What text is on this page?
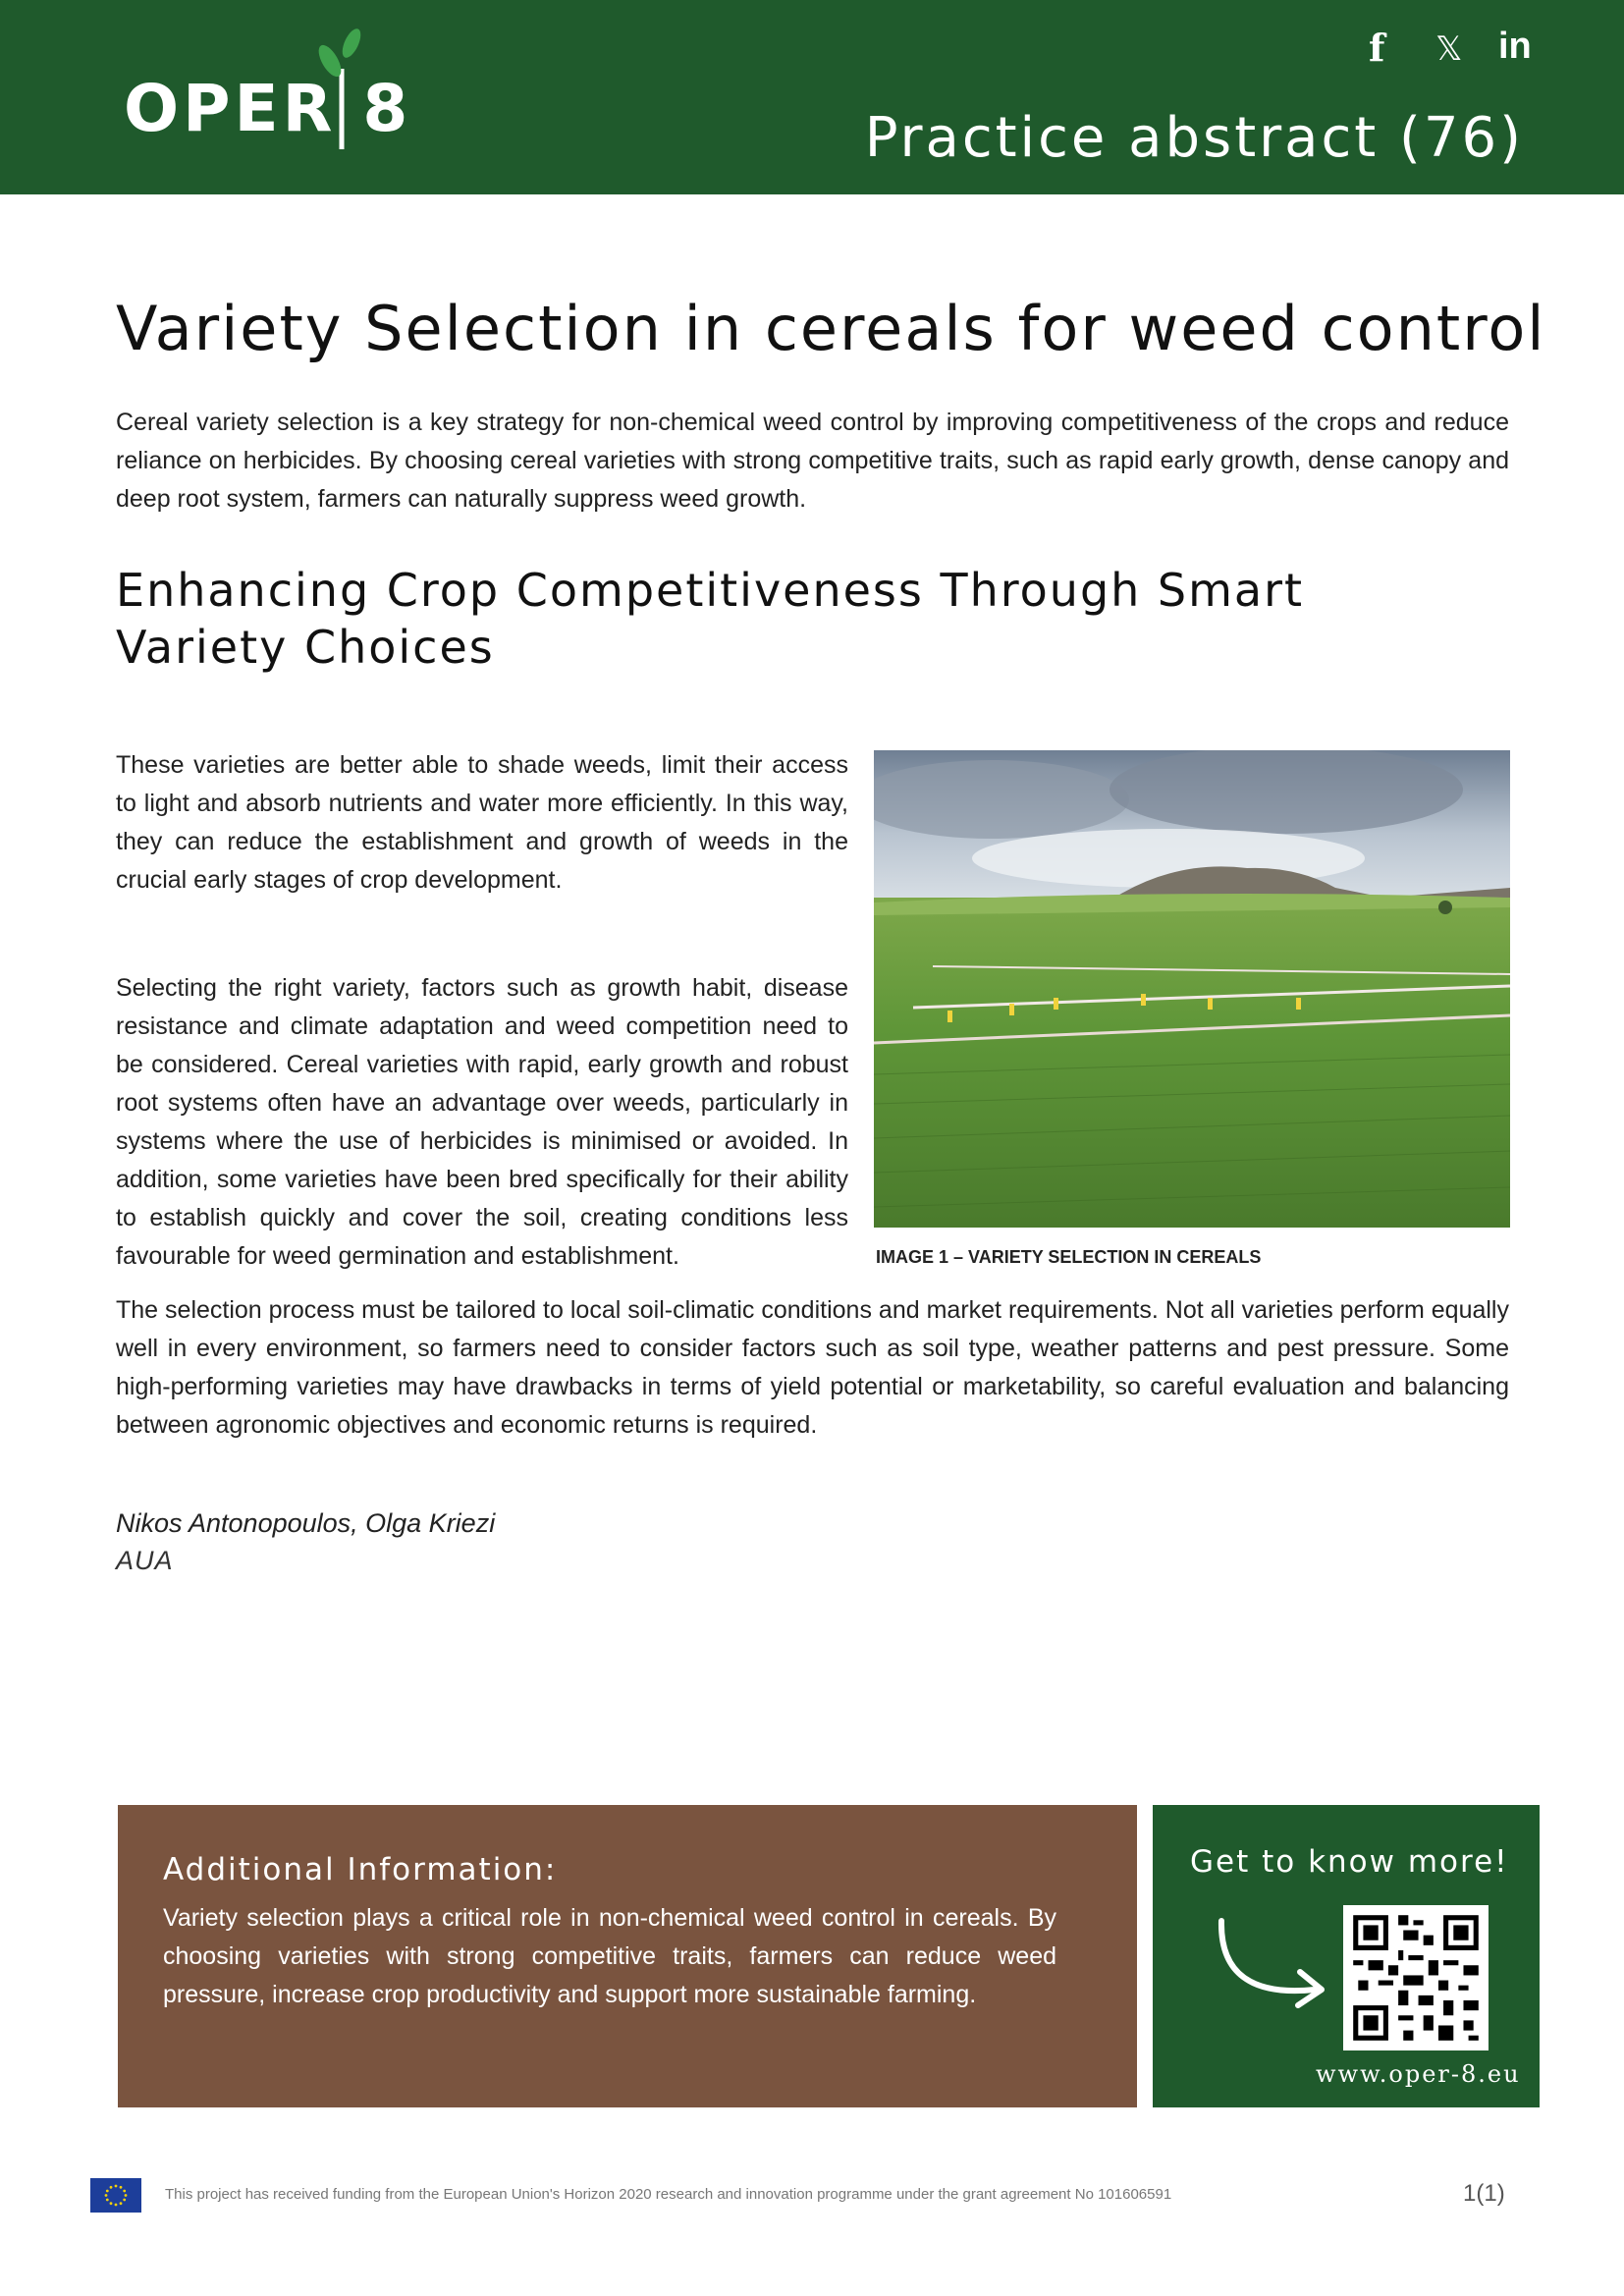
OPER 8
f 𝕏 in
Practice abstract (76)
Variety Selection in cereals for weed control
Cereal variety selection is a key strategy for non-chemical weed control by improving competitiveness of the crops and reduce reliance on herbicides. By choosing cereal varieties with strong competitive traits, such as rapid early growth, dense canopy and deep root system, farmers can naturally suppress weed growth.
Enhancing Crop Competitiveness Through Smart Variety Choices
These varieties are better able to shade weeds, limit their access to light and absorb nutrients and water more efficiently. In this way, they can reduce the establishment and growth of weeds in the crucial early stages of crop development.
Selecting the right variety, factors such as growth habit, disease resistance and climate adaptation and weed competition need to be considered. Cereal varieties with rapid, early growth and robust root systems often have an advantage over weeds, particularly in systems where the use of herbicides is minimised or avoided. In addition, some varieties have been bred specifically for their ability to establish quickly and cover the soil, creating conditions less favourable for weed germination and establishment.	IMAGE 1 – VARIETY SELECTION IN CEREALS
The selection process must be tailored to local soil-climatic conditions and market requirements. Not all varieties perform equally well in every environment, so farmers need to consider factors such as soil type, weather patterns and pest pressure. Some high-performing varieties may have drawbacks in terms of yield potential or marketability, so careful evaluation and balancing between agronomic objectives and economic returns is required.
Nikos Antonopoulos, Olga Kriezi
AUA
Additional Information:
Variety selection plays a critical role in non-chemical weed control in cereals. By choosing varieties with strong competitive traits, farmers can reduce weed pressure, increase crop productivity and support more sustainable farming.
Get to know more!
www.oper-8.eu
This project has received funding from the European Union's Horizon 2020 research and innovation programme under the grant agreement No 101606591	1(1)
